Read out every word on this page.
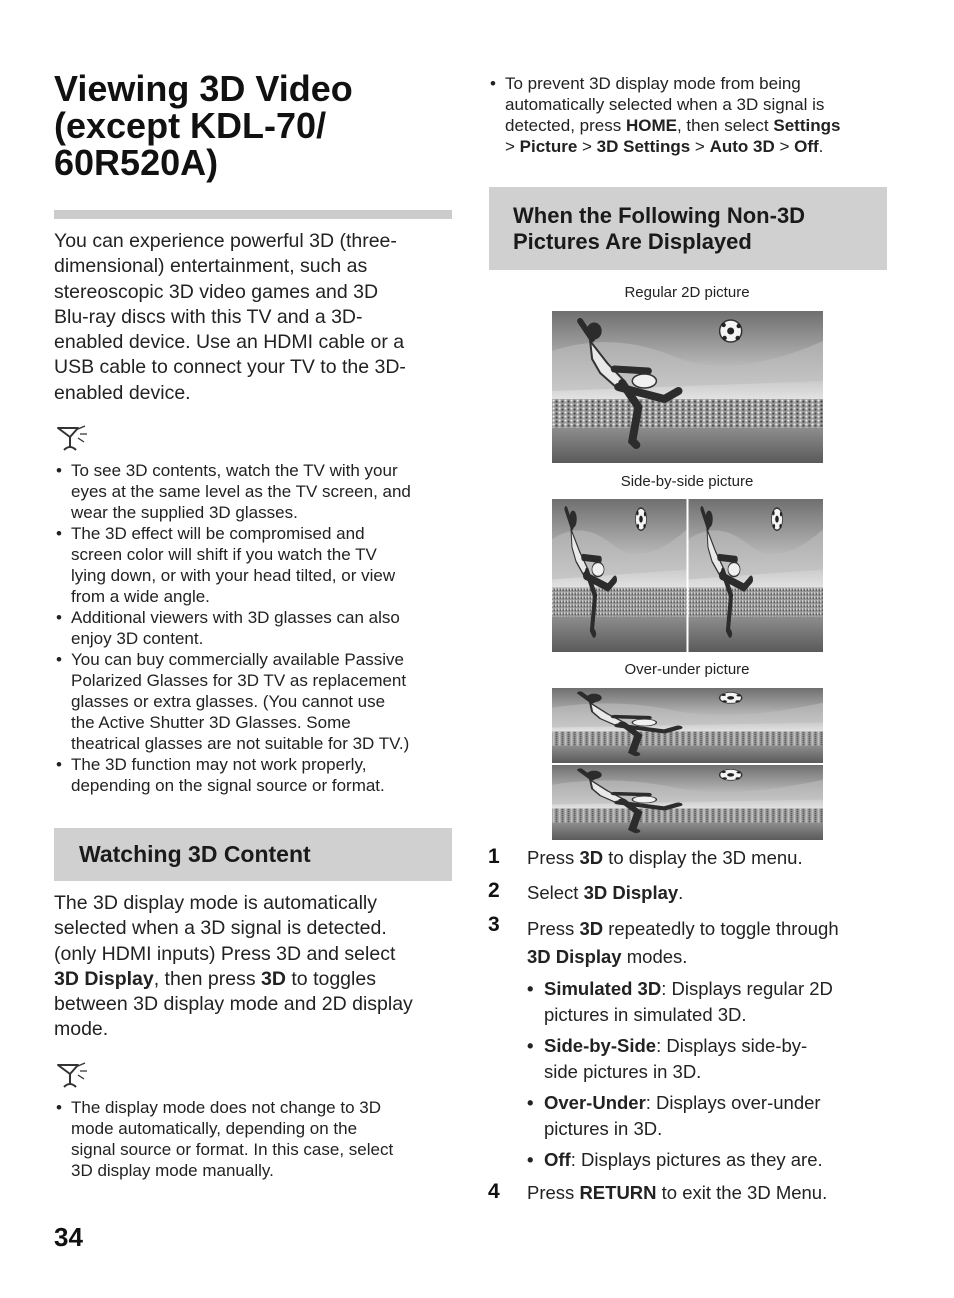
Viewing 3D Video
(except KDL-70/
60R520A)
You can experience powerful 3D (three-
dimensional) entertainment, such as
stereoscopic 3D video games and 3D
Blu-ray discs with this TV and a 3D-
enabled device. Use an HDMI cable or a
USB cable to connect your TV to the 3D-
enabled device.
• To see 3D contents, watch the TV with your
eyes at the same level as the TV screen, and
wear the supplied 3D glasses.
• The 3D effect will be compromised and
screen color will shift if you watch the TV
lying down, or with your head tilted, or view
from a wide angle.
• Additional viewers with 3D glasses can also
enjoy 3D content.
• You can buy commercially available Passive
Polarized Glasses for 3D TV as replacement
glasses or extra glasses. (You cannot use
the Active Shutter 3D Glasses. Some
theatrical glasses are not suitable for 3D TV.)
• The 3D function may not work properly,
depending on the signal source or format.
Watching 3D Content
The 3D display mode is automatically
selected when a 3D signal is detected.
(only HDMI inputs) Press 3D and select
3D Display, then press 3D to toggles
between 3D display mode and 2D display
mode.
• The display mode does not change to 3D
mode automatically, depending on the
signal source or format. In this case, select
3D display mode manually.
34
• To prevent 3D display mode from being
automatically selected when a 3D signal is
detected, press HOME, then select Settings
> Picture > 3D Settings > Auto 3D > Off.
When the Following Non-3D
Pictures Are Displayed
Regular 2D picture
Side-by-side picture
Over-under picture
1 Press 3D to display the 3D menu.
2 Select 3D Display.
3 Press 3D repeatedly to toggle through
3D Display modes.
• Simulated 3D: Displays regular 2D
pictures in simulated 3D.
• Side-by-Side: Displays side-by-
side pictures in 3D.
• Over-Under: Displays over-under
pictures in 3D.
• Off: Displays pictures as they are.
4 Press RETURN to exit the 3D Menu.
